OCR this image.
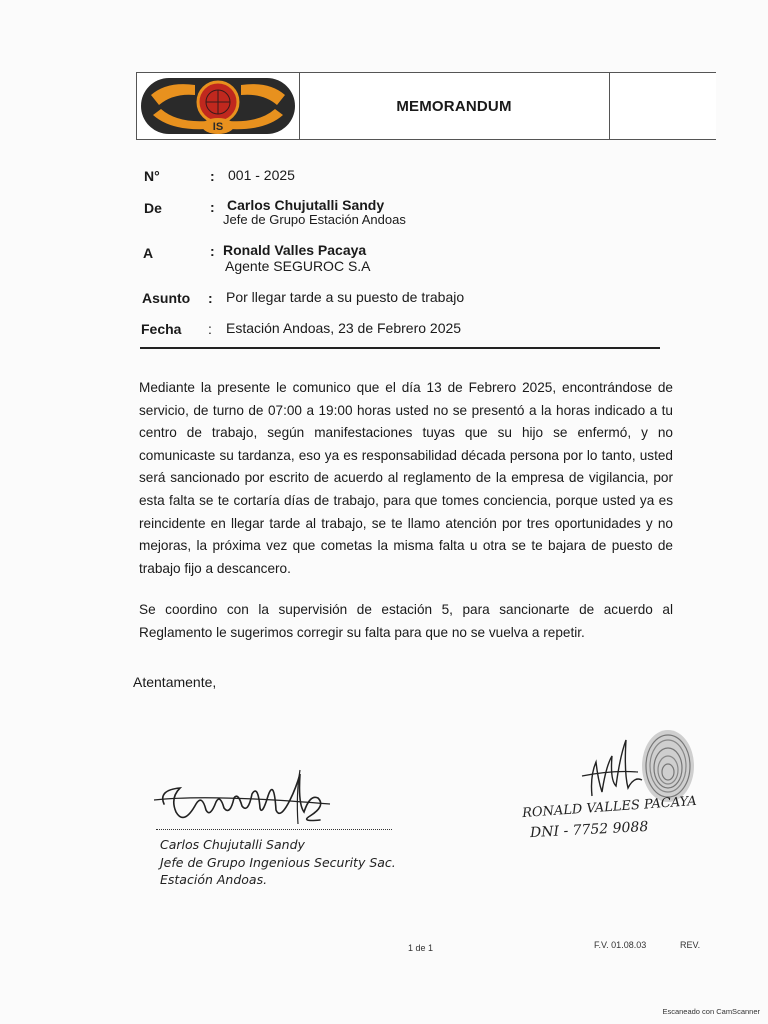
IS
MEMORANDUM
N°	: 001 - 2025
De	: Carlos Chujutalli Sandy
Jefe de Grupo Estación Andoas
A	: Ronald Valles Pacaya
Agente SEGUROC S.A
Asunto : Por llegar tarde a su puesto de trabajo
Fecha : Estación Andoas, 23 de Febrero 2025
Mediante la presente le comunico que el día 13 de Febrero 2025, encontrándose de servicio, de turno de 07:00 a 19:00 horas usted no se presentó a la horas indicado a tu centro de trabajo, según manifestaciones tuyas que su hijo se enfermó, y no comunicaste su tardanza, eso ya es responsabilidad década persona por lo tanto, usted será sancionado por escrito de acuerdo al reglamento de la empresa de vigilancia, por esta falta se te cortaría días de trabajo, para que tomes conciencia, porque usted ya es reincidente en llegar tarde al trabajo, se te llamo atención por tres oportunidades y no mejoras, la próxima vez que cometas la misma falta u otra se te bajara de puesto de trabajo fijo a descancero.
Se coordino con la supervisión de estación 5, para sancionarte de acuerdo al Reglamento le sugerimos corregir su falta para que no se vuelva a repetir.
Atentamente,
Carlos Chujutalli Sandy
Jefe de Grupo Ingenious Security Sac.
Estación Andoas.
RONALD VALLES PACAYA
DNI - 7752 9088
1 de 1	F.V. 01.08.03	REV.
Escaneado con CamScanner
